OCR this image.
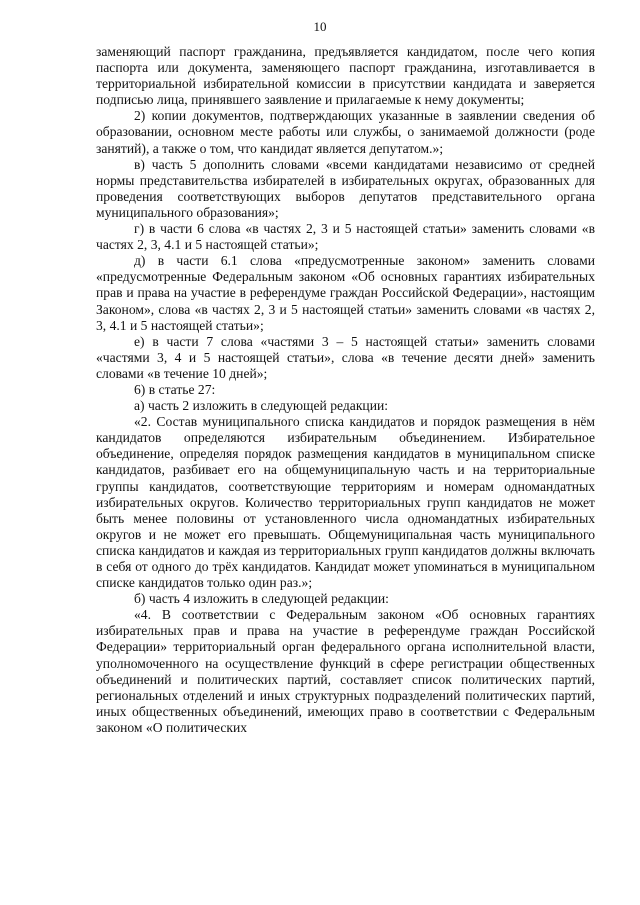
10

заменяющий паспорт гражданина, предъявляется кандидатом, после чего копия паспорта или документа, заменяющего паспорт гражданина, изготавливается в территориальной избирательной комиссии в присутствии кандидата и заверяется подписью лица, принявшего заявление и прилагаемые к нему документы;

2) копии документов, подтверждающих указанные в заявлении сведения об образовании, основном месте работы или службы, о занимаемой должности (роде занятий), а также о том, что кандидат является депутатом.»;

в) часть 5 дополнить словами «всеми кандидатами независимо от средней нормы представительства избирателей в избирательных округах, образованных для проведения соответствующих выборов депутатов представительного органа муниципального образования»;

г) в части 6 слова «в частях 2, 3 и 5 настоящей статьи» заменить словами «в частях 2, 3, 4.1 и 5 настоящей статьи»;

д) в части 6.1 слова «предусмотренные законом» заменить словами «предусмотренные Федеральным законом «Об основных гарантиях избирательных прав и права на участие в референдуме граждан Российской Федерации», настоящим Законом», слова «в частях 2, 3 и 5 настоящей статьи» заменить словами «в частях 2, 3, 4.1 и 5 настоящей статьи»;

е) в части 7 слова «частями 3 – 5 настоящей статьи» заменить словами «частями 3, 4 и 5 настоящей статьи», слова «в течение десяти дней» заменить словами «в течение 10 дней»;

6) в статье 27:

а) часть 2 изложить в следующей редакции:

«2. Состав муниципального списка кандидатов и порядок размещения в нём кандидатов определяются избирательным объединением. Избирательное объединение, определяя порядок размещения кандидатов в муниципальном списке кандидатов, разбивает его на общемуниципальную часть и на территориальные группы кандидатов, соответствующие территориям и номерам одномандатных избирательных округов. Количество территориальных групп кандидатов не может быть менее половины от установленного числа одномандатных избирательных округов и не может его превышать. Общемуниципальная часть муниципального списка кандидатов и каждая из территориальных групп кандидатов должны включать в себя от одного до трёх кандидатов. Кандидат может упоминаться в муниципальном списке кандидатов только один раз.»;

б) часть 4 изложить в следующей редакции:

«4. В соответствии с Федеральным законом «Об основных гарантиях избирательных прав и права на участие в референдуме граждан Российской Федерации» территориальный орган федерального органа исполнительной власти, уполномоченного на осуществление функций в сфере регистрации общественных объединений и политических партий, составляет список политических партий, региональных отделений и иных структурных подразделений политических партий, иных общественных объединений, имеющих право в соответствии с Федеральным законом «О политических
